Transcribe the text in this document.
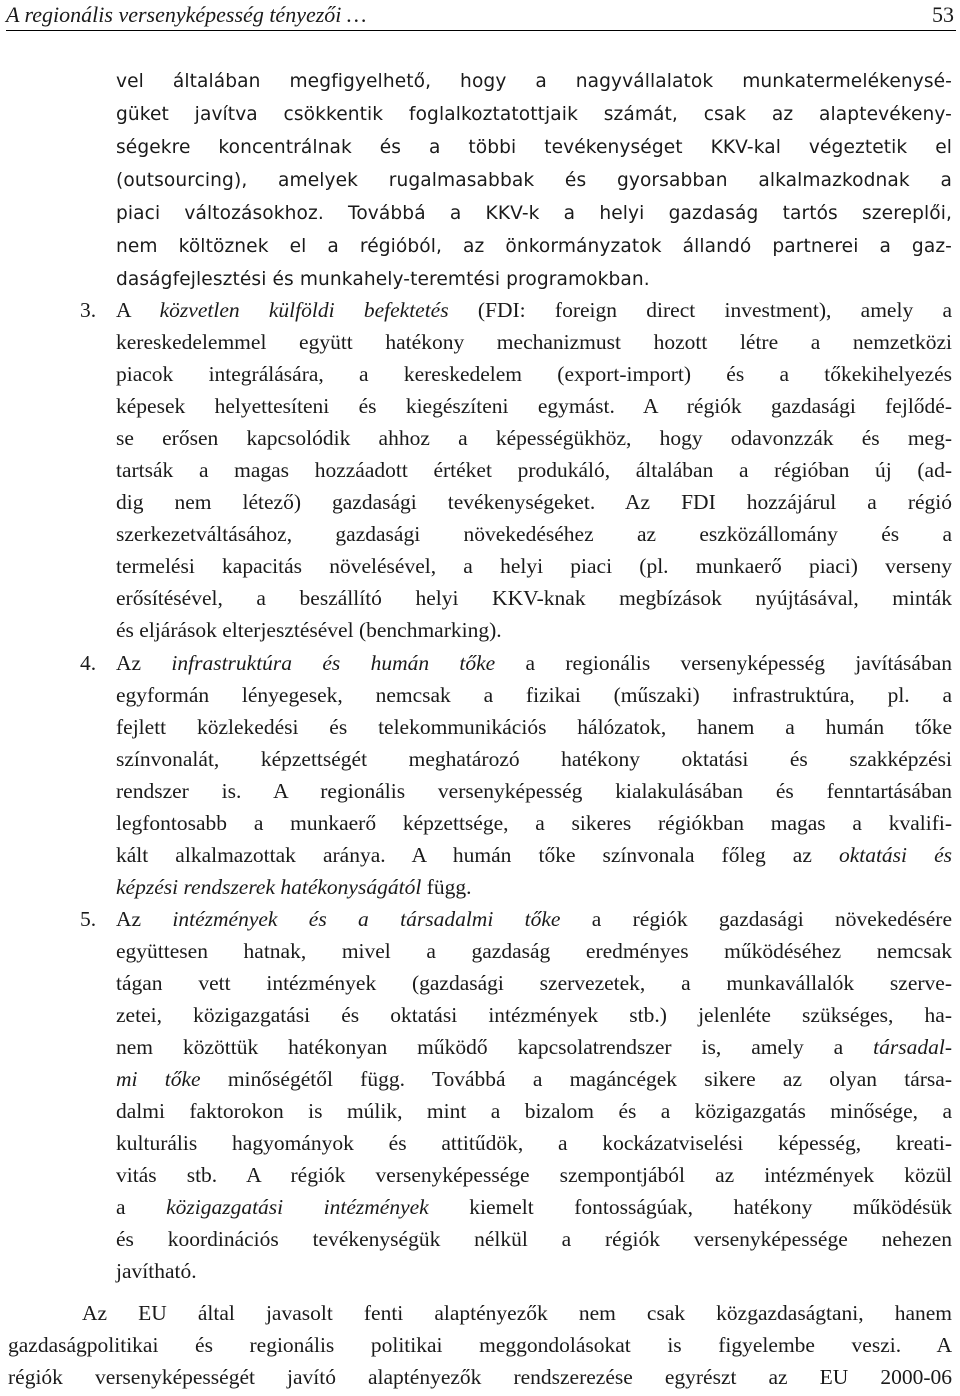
A regionális versenyképesség tényezői …	53
vel általában megfigyelhető, hogy a nagyvállalatok munkatermelékenysé-
güket javítva csökkentik foglalkoztatottjaik számát, csak az alaptevékeny-
ségekre koncentrálnak és a többi tevékenységet KKV-kal végeztetik el
(outsourcing), amelyek rugalmasabbak és gyorsabban alkalmazkodnak a
piaci változásokhoz. Továbbá a KKV-k a helyi gazdaság tartós szereplői,
nem költöznek el a régióból, az önkormányzatok állandó partnerei a gaz-
daságfejlesztési és munkahely-teremtési programokban.
3. A közvetlen külföldi befektetés (FDI: foreign direct investment), amely a
kereskedelemmel együtt hatékony mechanizmust hozott létre a nemzetközi
piacok integrálására, a kereskedelem (export-import) és a tőkekihelyezés
képesek helyettesíteni és kiegészíteni egymást. A régiók gazdasági fejlődé-
se erősen kapcsolódik ahhoz a képességükhöz, hogy odavonzzák és meg-
tartsák a magas hozzáadott értéket produkáló, általában a régióban új (ad-
dig nem létező) gazdasági tevékenységeket. Az FDI hozzájárul a régió
szerkezetváltásához, gazdasági növekedéséhez az eszközállomány és a
termelési kapacitás növelésével, a helyi piaci (pl. munkaerő piaci) verseny
erősítésével, a beszállító helyi KKV-knak megbízások nyújtásával, minták
és eljárások elterjesztésével (benchmarking).
4. Az infrastruktúra és humán tőke a regionális versenyképesség javításában
egyformán lényegesek, nemcsak a fizikai (műszaki) infrastruktúra, pl. a
fejlett közlekedési és telekommunikációs hálózatok, hanem a humán tőke
színvonalát, képzettségét meghatározó hatékony oktatási és szakképzési
rendszer is. A regionális versenyképesség kialakulásában és fenntartásában
legfontosabb a munkaerő képzettsége, a sikeres régiókban magas a kvalifi-
kált alkalmazottak aránya. A humán tőke színvonala főleg az oktatási és
képzési rendszerek hatékonyságától függ.
5. Az intézmények és a társadalmi tőke a régiók gazdasági növekedésére
együttesen hatnak, mivel a gazdaság eredményes működéséhez nemcsak
tágan vett intézmények (gazdasági szervezetek, a munkavállalók szerve-
zetei, közigazgatási és oktatási intézmények stb.) jelenléte szükséges, ha-
nem közöttük hatékonyan működő kapcsolatrendszer is, amely a társadal-
mi tőke minőségétől függ. Továbbá a magáncégek sikere az olyan társa-
dalmi faktorokon is múlik, mint a bizalom és a közigazgatás minősége, a
kulturális hagyományok és attitűdök, a kockázatviselési képesség, kreati-
vitás stb. A régiók versenyképessége szempontjából az intézmények közül
a közigazgatási intézmények kiemelt fontosságúak, hatékony működésük
és koordinációs tevékenységük nélkül a régiók versenyképessége nehezen
javítható.
Az EU által javasolt fenti alaptényezők nem csak közgazdaságtani, hanem
gazdaságpolitikai és regionális politikai meggondolásokat is figyelembe veszi. A
régiók versenyképességét javító alaptényezők rendszerezése egyrészt az EU 2000-06
